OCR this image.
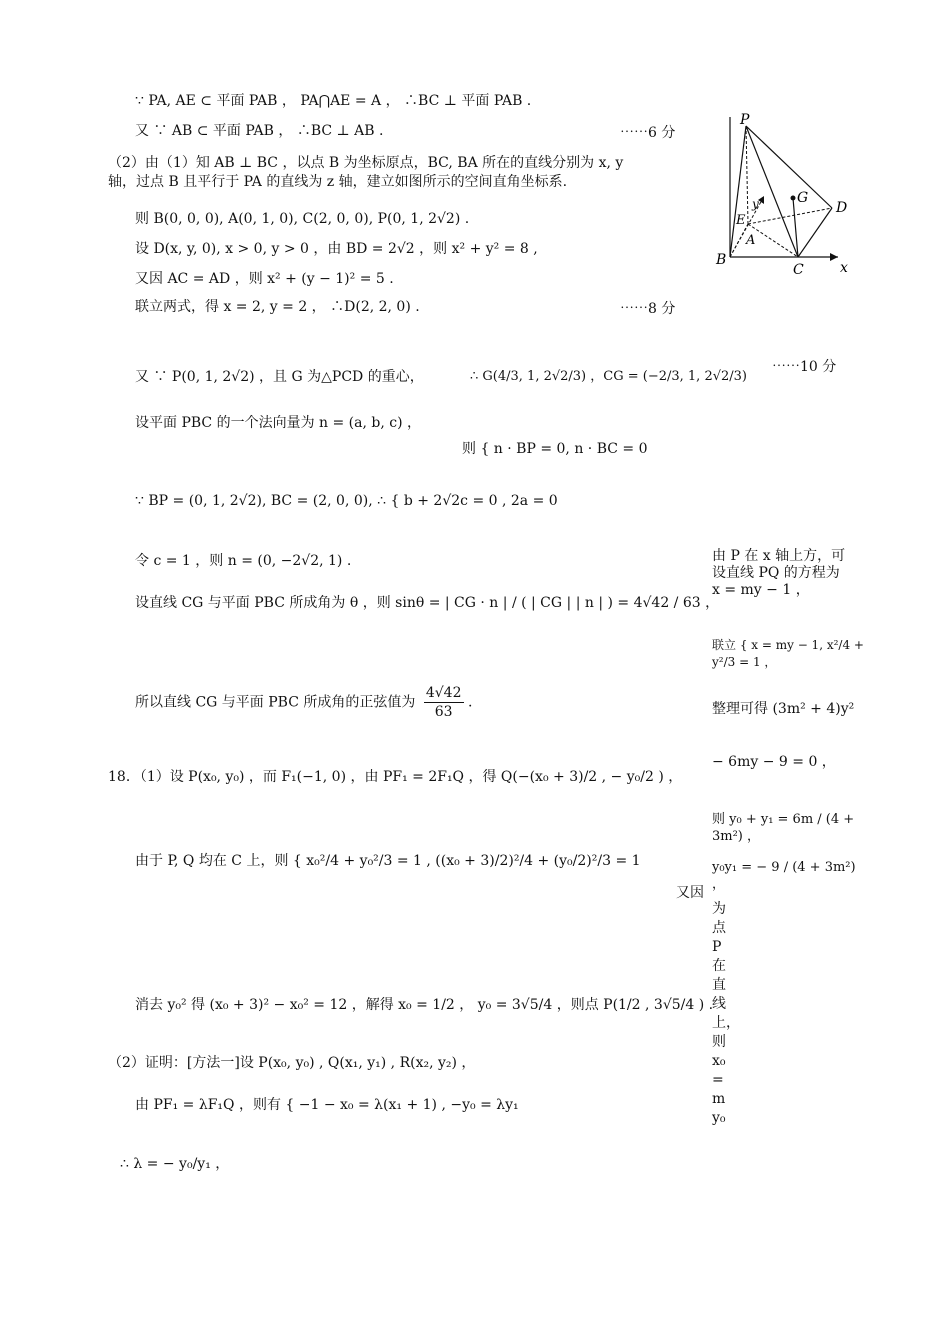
∵ PA, AE ⊂ 平面 PAB ， PA⋂AE = A ， ∴BC ⊥ 平面 PAB .
又 ∵ AB ⊂ 平面 PAB ， ∴BC ⊥ AB .	⋯⋯6 分
（2）由（1）知 AB ⊥ BC ，以点 B 为坐标原点，BC, BA 所在的直线分别为 x, y
轴，过点 B 且平行于 PA 的直线为 z 轴，建立如图所示的空间直角坐标系.
则 B(0, 0, 0), A(0, 1, 0), C(2, 0, 0), P(0, 1, 2√2) .
设 D(x, y, 0), x > 0, y > 0 ，由 BD = 2√2 ，则 x² + y² = 8 ,
又因 AC = AD ，则 x² + (y − 1)² = 5 .
联立两式，得 x = 2, y = 2 ， ∴D(2, 2, 0) .	⋯⋯8 分
又 ∵ P(0, 1, 2√2) ，且 G 为△PCD 的重心，	∴ G(4/3, 1, 2√2/3) ，CG = (−2/3, 1, 2√2/3)
⋯⋯10 分
设平面 PBC 的一个法向量为 n = (a, b, c) ，
则 { n · BP = 0, n · BC = 0
∵ BP = (0, 1, 2√2), BC = (2, 0, 0), ∴ { b + 2√2c = 0 , 2a = 0
令 c = 1 ，则 n = (0, −2√2, 1) .
设直线 CG 与平面 PBC 所成角为 θ ，则 sinθ = | CG · n | / ( | CG | | n | ) = 4√42 / 63 ，
所以直线 CG 与平面 PBC 所成角的正弦值为 $\frac{4√42}{63}$ .
由 P 在 x 轴上方，可
设直线 PQ 的方程为
x = my − 1 ，
联立 { x = my − 1, x²/4 + y²/3 = 1 ，
整理可得 (3m² + 4)y²
− 6my − 9 = 0 ，
则 y₀ + y₁ = 6m / (4 + 3m²) ，
y₀y₁ = − 9 / (4 + 3m²) ，
又因
为点 P 在直线上，则 x₀ = my₀
18．（1）设 P(x₀, y₀) ，而 F₁(−1, 0) ，由 PF₁ = 2F₁Q ，得 Q(−(x₀ + 3)/2 , − y₀/2 ) ，
由于 P, Q 均在 C 上，则 { x₀²/4 + y₀²/3 = 1 , ((x₀ + 3)/2)²/4 + (y₀/2)²/3 = 1
消去 y₀² 得 (x₀ + 3)² − x₀² = 12 ，解得 x₀ = 1/2 ， y₀ = 3√5/4 ，则点 P(1/2 , 3√5/4 ) .
（2）证明：[方法一]设 P(x₀, y₀) , Q(x₁, y₁) , R(x₂, y₂) ，
由 PF₁ = λF₁Q ，则有 { −1 − x₀ = λ(x₁ + 1) , −y₀ = λy₁
∴ λ = − y₀/y₁ ，
P
E
y
A
G
D
B
C	x
